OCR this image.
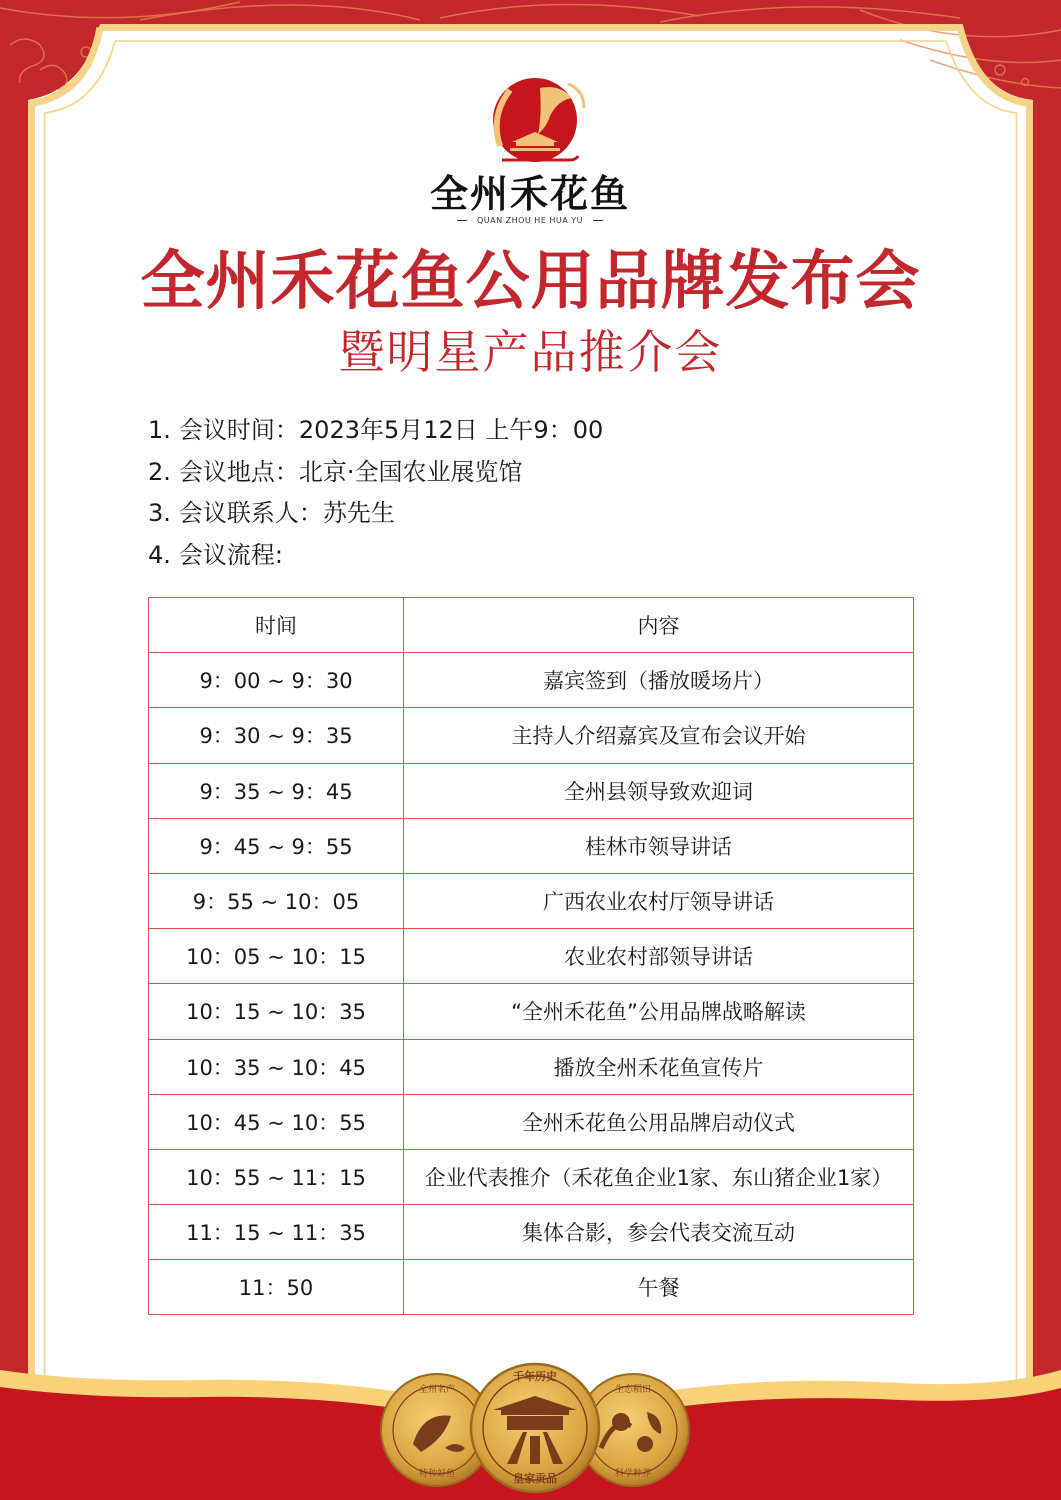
全州禾花鱼
QUAN ZHOU HE HUA YU
全州禾花鱼公用品牌发布会
暨明星产品推介会
1. 会议时间：2023年5月12日 上午9：00
2. 会议地点：北京·全国农业展览馆
3. 会议联系人：苏先生
4. 会议流程:
时间	内容
9：00 ~ 9：30	嘉宾签到（播放暖场片）
9：30 ~ 9：35	主持人介绍嘉宾及宣布会议开始
9：35 ~ 9：45	全州县领导致欢迎词
9：45 ~ 9：55	桂林市领导讲话
9：55 ~ 10：05	广西农业农村厅领导讲话
10：05 ~ 10：15	农业农村部领导讲话
10：15 ~ 10：35	“全州禾花鱼”公用品牌战略解读
10：35 ~ 10：45	播放全州禾花鱼宣传片
10：45 ~ 10：55	全州禾花鱼公用品牌启动仪式
10：55 ~ 11：15	企业代表推介（禾花鱼企业1家、东山猪企业1家）
11：15 ~ 11：35	集体合影，参会代表交流互动
11：50	午餐
全州名产
特种好鱼
生态稻田
科学种养
千年历史
皇家贡品
